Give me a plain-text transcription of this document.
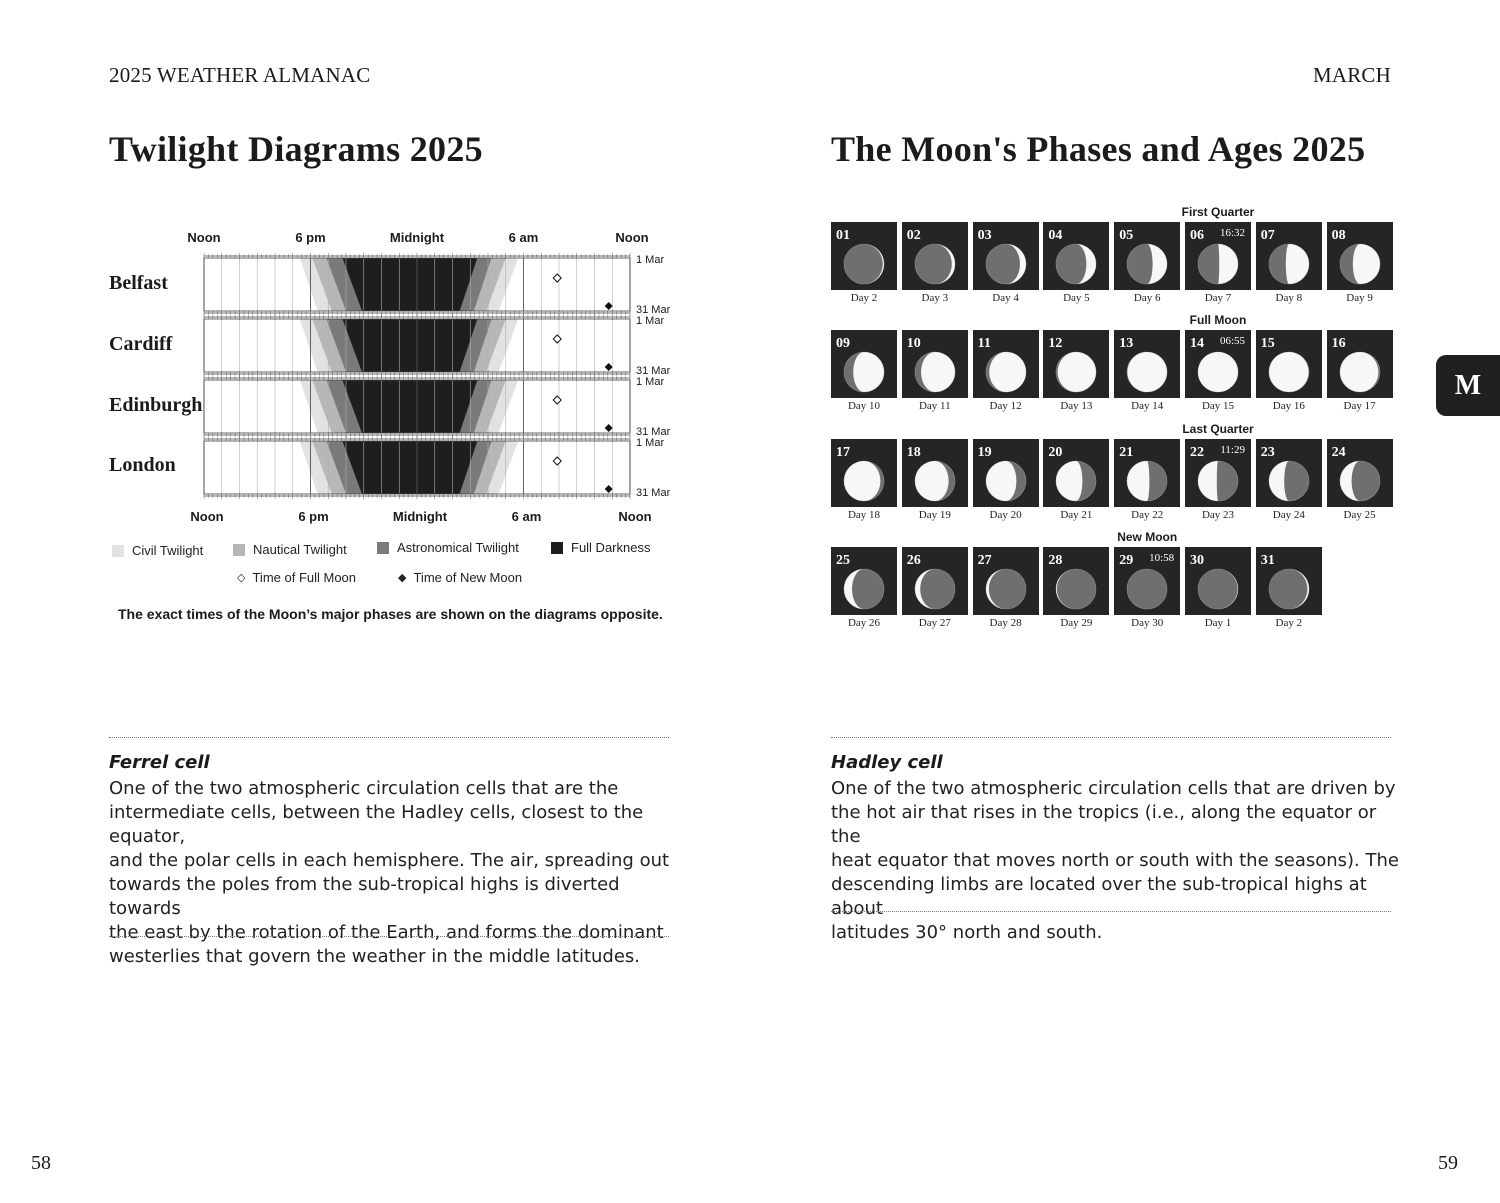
2025 WEATHER ALMANAC
Twilight Diagrams 2025
Noon	6 pm	Midnight	6 am	Noon
Noon	6 pm	Midnight	6 am	Noon
1 Mar
31 Mar
1 Mar
31 Mar
1 Mar
31 Mar
1 Mar
31 Mar
Belfast
Cardiff
Edinburgh
London
Civil Twilight	Nautical Twilight	Astronomical Twilight	Full Darkness
◇ Time of Full Moon	◆ Time of New Moon
The exact times of the Moon’s major phases are shown on the diagrams opposite.
Ferrel cell
One of the two atmospheric circulation cells that are the
intermediate cells, between the Hadley cells, closest to the equator,
and the polar cells in each hemisphere. The air, spreading out
towards the poles from the sub-tropical highs is diverted towards
the east by the rotation of the Earth, and forms the dominant
westerlies that govern the weather in the middle latitudes.
58
MARCH
The Moon's Phases and Ages 2025
01
Day 2
02
Day 3
03
Day 4
04
Day 5
05
Day 6
06 16:32
Day 7
07
Day 8
08
Day 9
09
Day 10
10
Day 11
11
Day 12
12
Day 13
13
Day 14
14 06:55
Day 15
15
Day 16
16
Day 17
17
Day 18
18
Day 19
19
Day 20
20
Day 21
21
Day 22
22 11:29
Day 23
23
Day 24
24
Day 25
25
Day 26
26
Day 27
27
Day 28
28
Day 29
29 10:58
Day 30
30
Day 1
31
Day 2
First Quarter
Full Moon
Last Quarter
New Moon
M
Hadley cell
One of the two atmospheric circulation cells that are driven by
the hot air that rises in the tropics (i.e., along the equator or the
heat equator that moves north or south with the seasons). The
descending limbs are located over the sub-tropical highs at about
latitudes 30° north and south.
59
